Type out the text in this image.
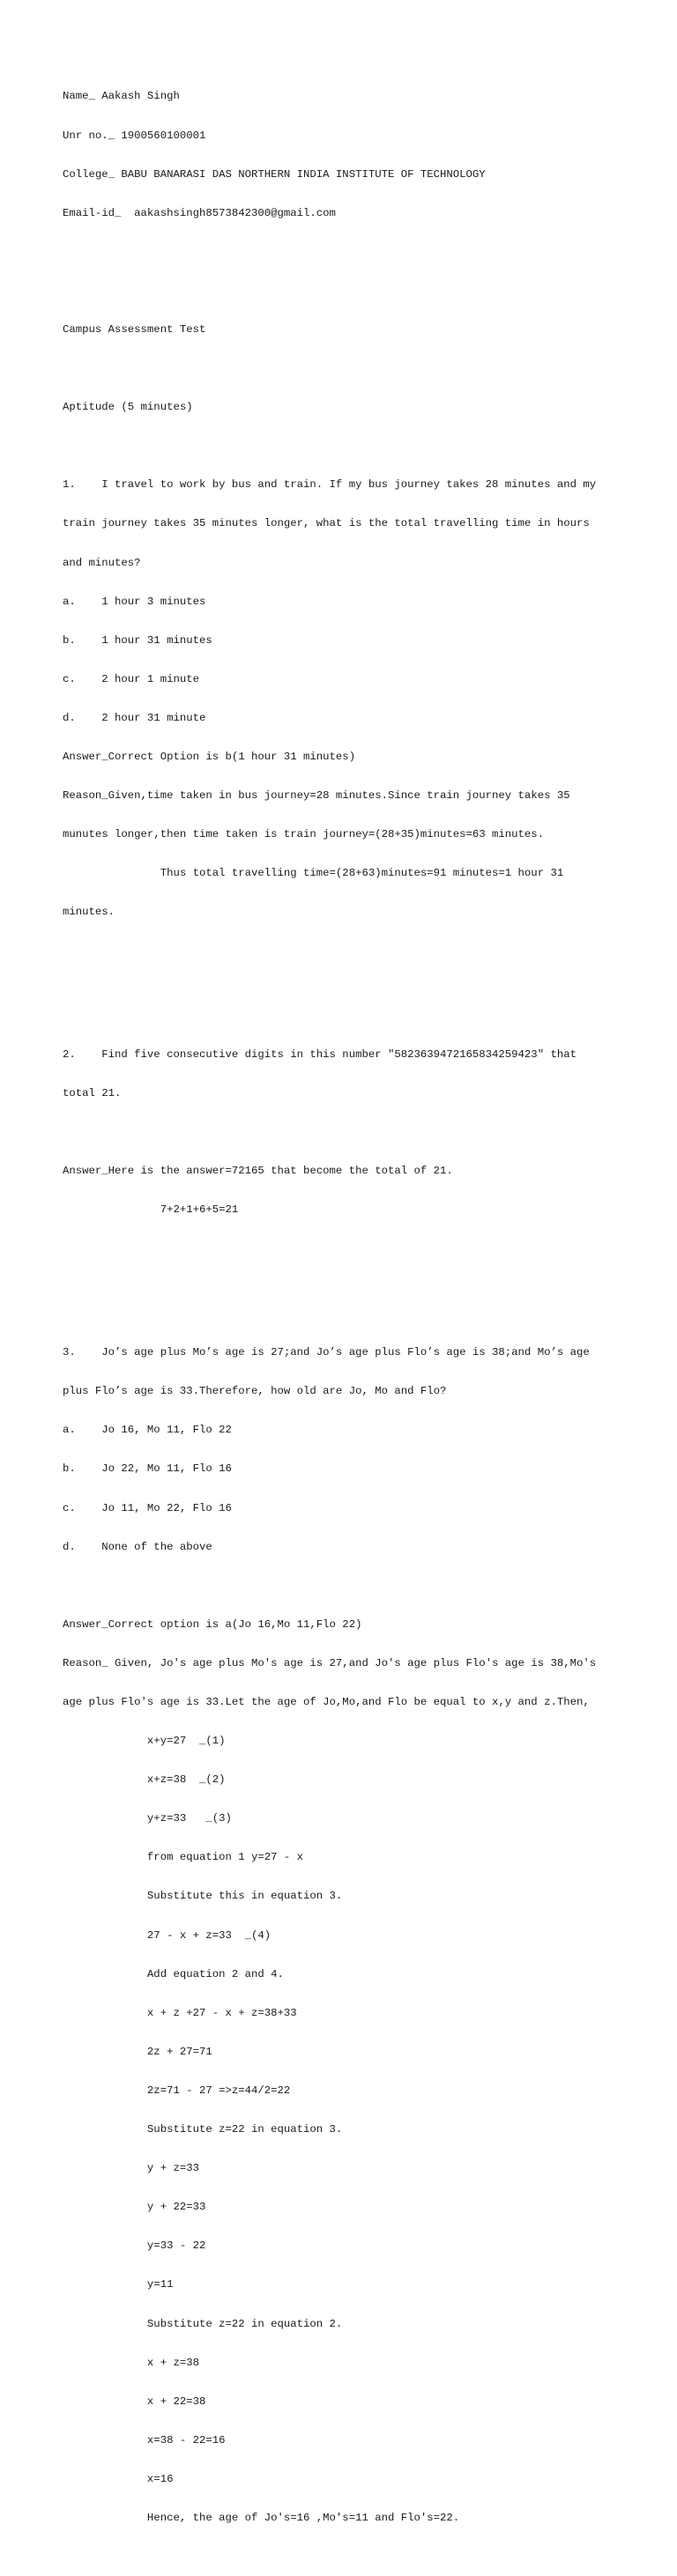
Name_ Aakash Singh

Unr no._ 1900560100001

College_ BABU BANARASI DAS NORTHERN INDIA INSTITUTE OF TECHNOLOGY

Email-id_  aakashsingh8573842300@gmail.com

Campus Assessment Test

Aptitude (5 minutes)

1.    I travel to work by bus and train. If my bus journey takes 28 minutes and my

train journey takes 35 minutes longer, what is the total travelling time in hours

and minutes?

a.    1 hour 3 minutes

b.    1 hour 31 minutes

c.    2 hour 1 minute

d.    2 hour 31 minute

Answer_Correct Option is b(1 hour 31 minutes)

Reason_Given,time taken in bus journey=28 minutes.Since train journey takes 35

munutes longer,then time taken is train journey=(28+35)minutes=63 minutes.

Thus total travelling time=(28+63)minutes=91 minutes=1 hour 31

minutes.

2.    Find five consecutive digits in this number "5823639472165834259423" that

total 21.

Answer_Here is the answer=72165 that become the total of 21.

7+2+1+6+5=21

3.    Jo’s age plus Mo’s age is 27;and Jo’s age plus Flo’s age is 38;and Mo’s age

plus Flo’s age is 33.Therefore, how old are Jo, Mo and Flo?

a.    Jo 16, Mo 11, Flo 22

b.    Jo 22, Mo 11, Flo 16

c.    Jo 11, Mo 22, Flo 16

d.    None of the above

Answer_Correct option is a(Jo 16,Mo 11,Flo 22)

Reason_ Given, Jo's age plus Mo's age is 27,and Jo's age plus Flo's age is 38,Mo's

age plus Flo's age is 33.Let the age of Jo,Mo,and Flo be equal to x,y and z.Then,

x+y=27  _(1)

x+z=38  _(2)

y+z=33   _(3)

from equation 1 y=27 - x

Substitute this in equation 3.

27 - x + z=33  _(4)

Add equation 2 and 4.

x + z +27 - x + z=38+33

2z + 27=71

2z=71 - 27 =>z=44/2=22

Substitute z=22 in equation 3.

y + z=33

y + 22=33

y=33 - 22

y=11

Substitute z=22 in equation 2.

x + z=38

x + 22=38

x=38 - 22=16

x=16

Hence, the age of Jo's=16 ,Mo's=11 and Flo's=22.
